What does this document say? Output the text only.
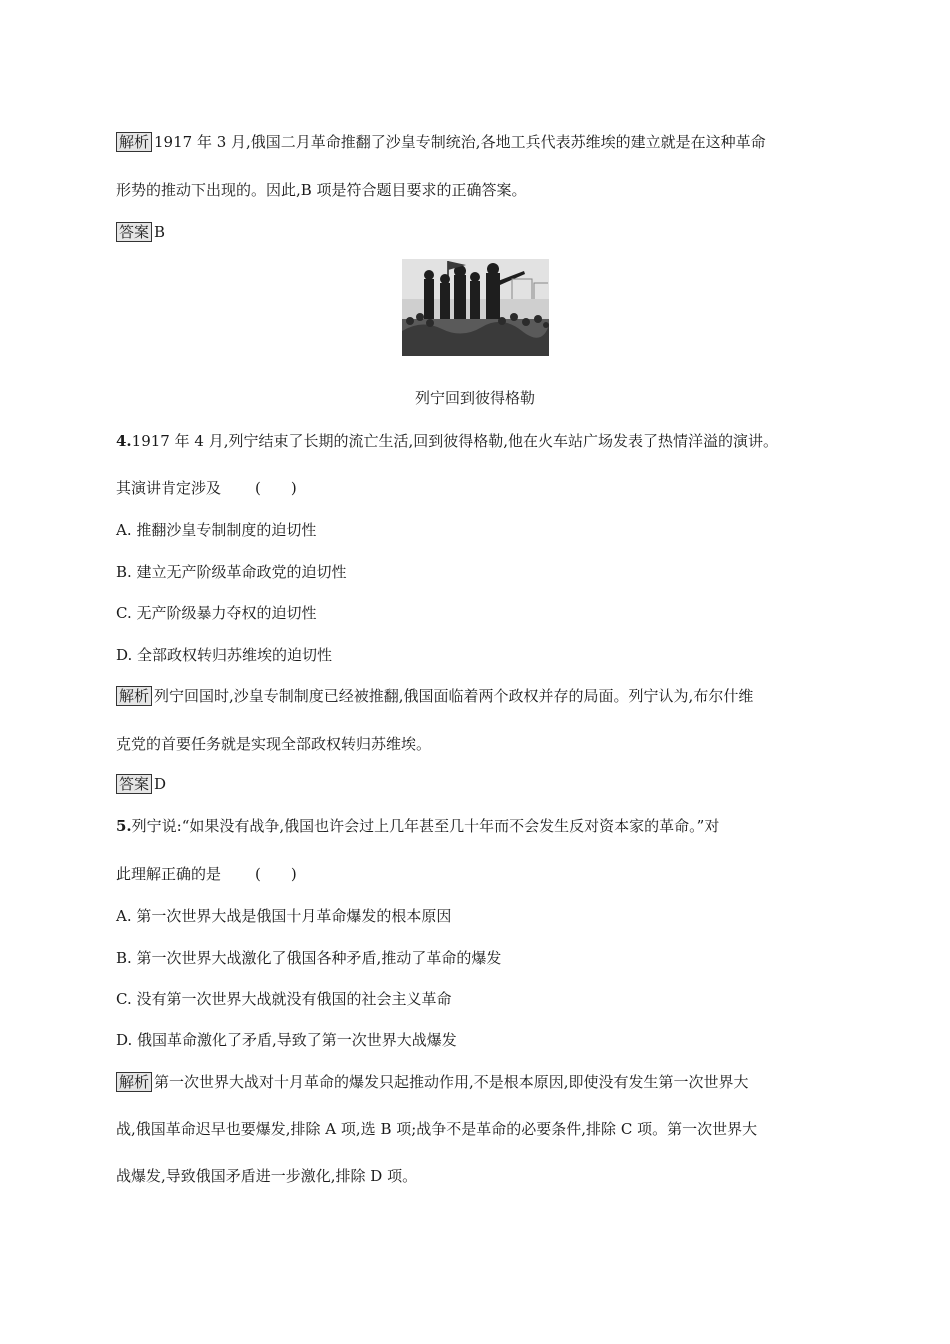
解析 1917 年 3 月,俄国二月革命推翻了沙皇专制统治,各地工兵代表苏维埃的建立就是在这种革命
形势的推动下出现的。因此,B 项是符合题目要求的正确答案。
答案 B
列宁回到彼得格勒
4.1917 年 4 月,列宁结束了长期的流亡生活,回到彼得格勒,他在火车站广场发表了热情洋溢的演讲。
其演讲肯定涉及 (　　)
A. 推翻沙皇专制制度的迫切性
B. 建立无产阶级革命政党的迫切性
C. 无产阶级暴力夺权的迫切性
D. 全部政权转归苏维埃的迫切性
解析 列宁回国时,沙皇专制制度已经被推翻,俄国面临着两个政权并存的局面。列宁认为,布尔什维
克党的首要任务就是实现全部政权转归苏维埃。
答案 D
5.列宁说:“如果没有战争,俄国也许会过上几年甚至几十年而不会发生反对资本家的革命。”对
此理解正确的是 (　　)
A. 第一次世界大战是俄国十月革命爆发的根本原因
B. 第一次世界大战激化了俄国各种矛盾,推动了革命的爆发
C. 没有第一次世界大战就没有俄国的社会主义革命
D. 俄国革命激化了矛盾,导致了第一次世界大战爆发
解析 第一次世界大战对十月革命的爆发只起推动作用,不是根本原因,即使没有发生第一次世界大
战,俄国革命迟早也要爆发,排除 A 项,选 B 项;战争不是革命的必要条件,排除 C 项。第一次世界大
战爆发,导致俄国矛盾进一步激化,排除 D 项。
